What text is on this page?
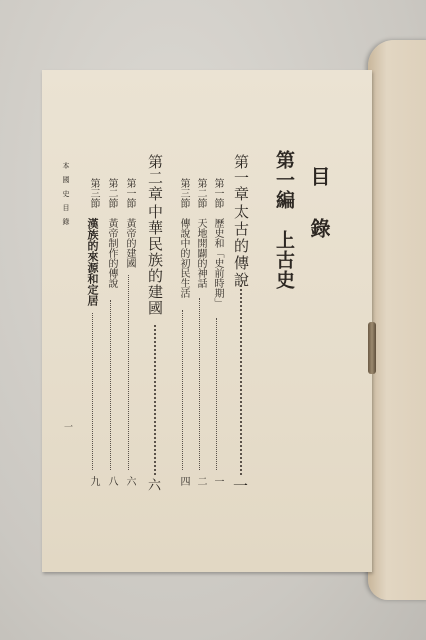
目 錄
第一編　上古史
第一章
太古的傳說
一
第一節
歷史和「史前時期」
一
第二節
天地開闢的神話
二
第三節
傳說中的初民生活
四
第二章
中華民族的建國
六
第一節
黃帝的建國
六
第二節
黃帝制作的傳說
八
第三節
漢族的來源和定居
九
本國史目錄
一
